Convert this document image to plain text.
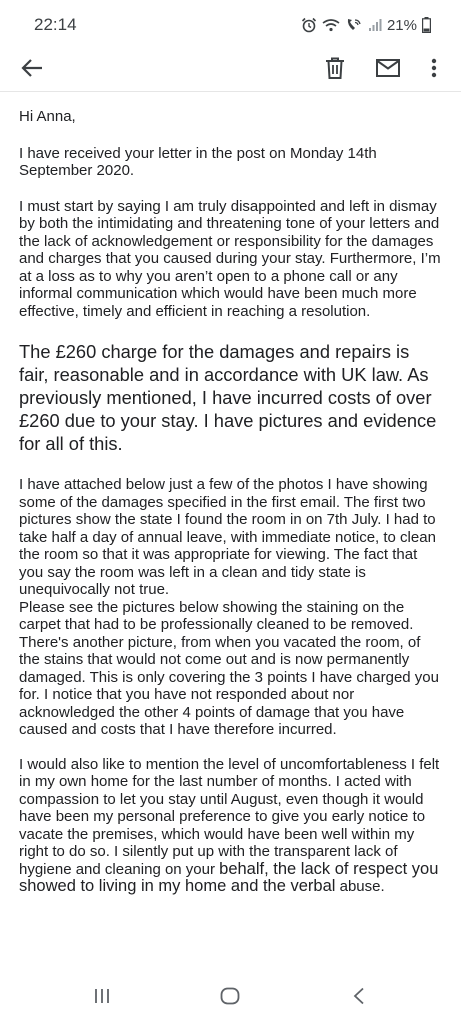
22:14	21%

Hi Anna,

I have received your letter in the post on Monday 14th September 2020.

I must start by saying I am truly disappointed and left in dismay by both the intimidating and threatening tone of your letters and the lack of acknowledgement or responsibility for the damages and charges that you caused during your stay. Furthermore, I’m at a loss as to why you aren’t open to a phone call or any informal communication which would have been much more effective, timely and efficient in reaching a resolution.

The £260 charge for the damages and repairs is fair, reasonable and in accordance with UK law. As previously mentioned, I have incurred costs of over £260 due to your stay. I have pictures and evidence for all of this.

I have attached below just a few of the photos I have showing some of the damages specified in the first email. The first two pictures show the state I found the room in on 7th July. I had to take half a day of annual leave, with immediate notice, to clean the room so that it was appropriate for viewing. The fact that you say the room was left in a clean and tidy state is unequivocally not true.

Please see the pictures below showing the staining on the carpet that had to be professionally cleaned to be removed. There's another picture, from when you vacated the room, of the stains that would not come out and is now permanently damaged. This is only covering the 3 points I have charged you for. I notice that you have not responded about nor acknowledged the other 4 points of damage that you have caused and costs that I have therefore incurred.

I would also like to mention the level of uncomfortableness I felt in my own home for the last number of months. I acted with compassion to let you stay until August, even though it would have been my personal preference to give you early notice to vacate the premises, which would have been well within my right to do so. I silently put up with the transparent lack of hygiene and cleaning on your behalf, the lack of respect you showed to living in my home and the verbal abuse.
